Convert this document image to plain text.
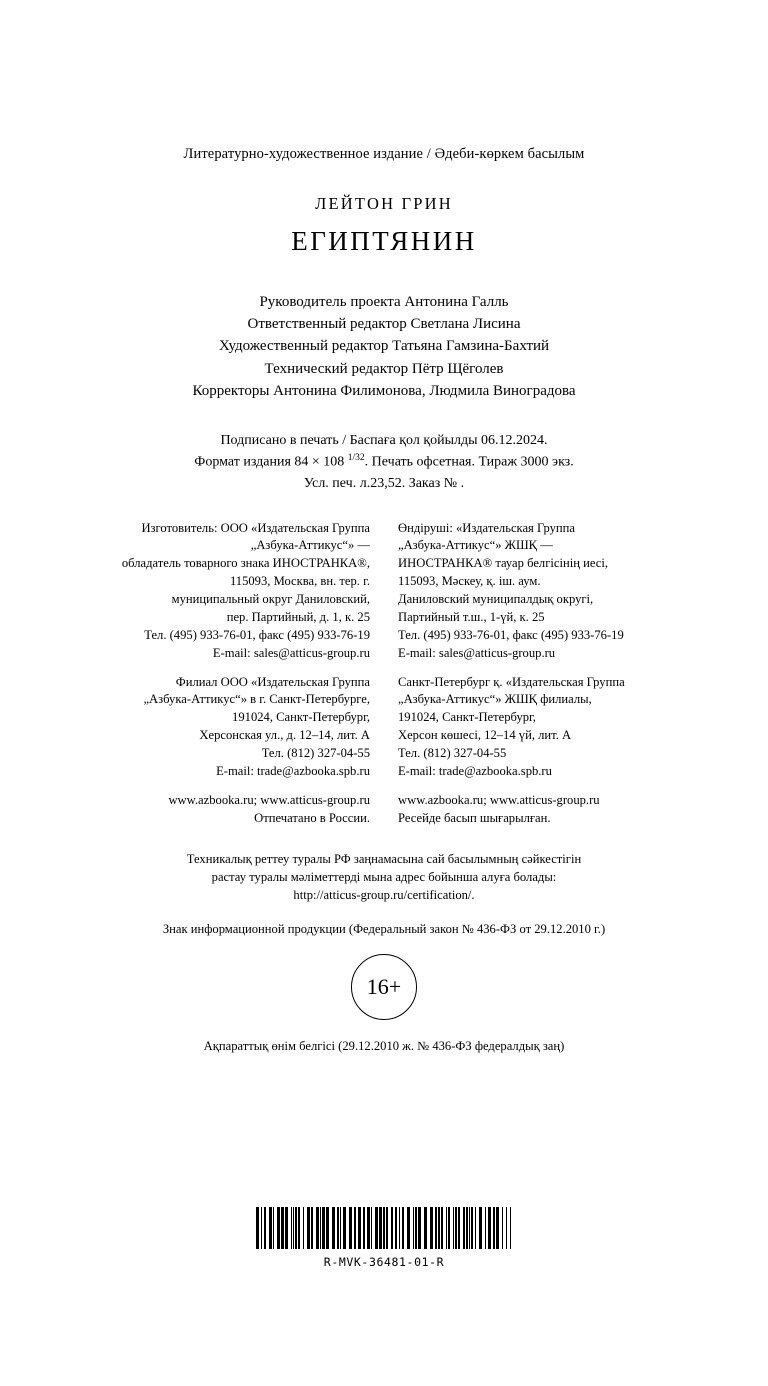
Литературно-художественное издание / Әдеби-көркем басылым
ЛЕЙТОН ГРИН
ЕГИПТЯНИН
Руководитель проекта Антонина Галль
Ответственный редактор Светлана Лисина
Художественный редактор Татьяна Гамзина-Бахтий
Технический редактор Пётр Щёголев
Корректоры Антонина Филимонова, Людмила Виноградова
Подписано в печать / Баспаға қол қойылды 06.12.2024.
Формат издания 84 × 108 $^{1/32}$. Печать офсетная. Тираж 3000 экз.
Усл. печ. л.23,52. Заказ № .

Изготовитель: ООО «Издательская Группа

„Азбука-Аттикус“» —

обладатель товарного знака ИНОСТРАНКА®,

115093, Москва, вн. тер. г.

муниципальный округ Даниловский,

пер. Партийный, д. 1, к. 25

Тел. (495) 933-76-01, факс (495) 933-76-19

E-mail: sales@atticus-group.ru

Филиал ООО «Издательская Группа

„Азбука-Аттикус“» в г. Санкт-Петербурге,

191024, Санкт-Петербург,

Херсонская ул., д. 12–14, лит. А

Тел. (812) 327-04-55

E-mail: trade@azbooka.spb.ru

www.azbooka.ru; www.atticus-group.ru

Отпечатано в России.

Өндіруші: «Издательская Группа

„Азбука-Аттикус“» ЖШҚ —

ИНОСТРАНКА® тауар белгісінің иесі,

115093, Мәскеу, қ. іш. аум.

Даниловский муниципалдық округі,

Партийный т.ш., 1-үй, к. 25

Тел. (495) 933-76-01, факс (495) 933-76-19

E-mail: sales@atticus-group.ru

Санкт-Петербург қ. «Издательская Группа

„Азбука-Аттикус“» ЖШҚ филиалы,

191024, Санкт-Петербург,

Херсон көшесі, 12–14 үй, лит. А

Тел. (812) 327-04-55

E-mail: trade@azbooka.spb.ru

www.azbooka.ru; www.atticus-group.ru

Ресейде басып шығарылған.

Техникалық реттеу туралы РФ заңнамасына сай басылымның сәйкестігін
растау туралы мәліметтерді мына адрес бойынша алуға болады:
http://atticus-group.ru/certification/.
Знак информационной продукции (Федеральный закон № 436-ФЗ от 29.12.2010 г.)
16+
Ақпараттық өнім белгісі (29.12.2010 ж. № 436-ФЗ федералдық заң)
R-MVK-36481-01-R
